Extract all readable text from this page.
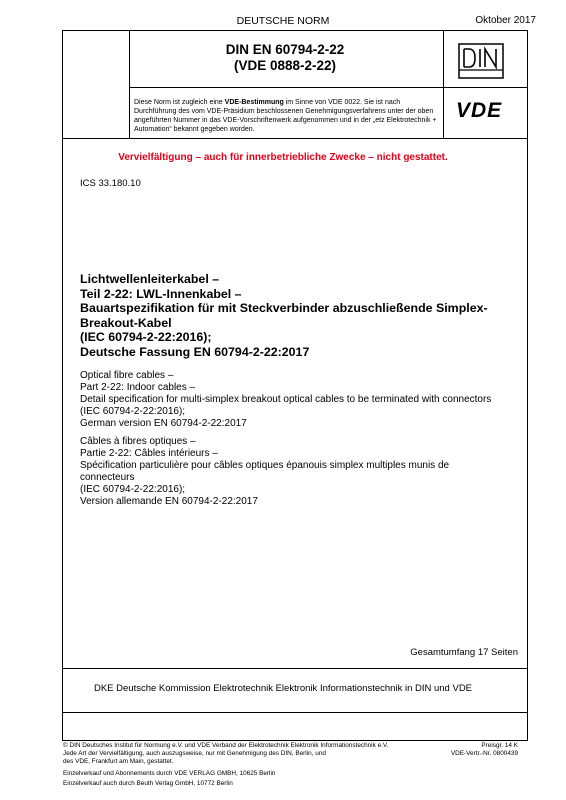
DEUTSCHE NORM	Oktober 2017
DIN EN 60794-2-22
(VDE 0888-2-22)
Diese Norm ist zugleich eine VDE-Bestimmung im Sinne von VDE 0022. Sie ist nach Durchführung des vom VDE-Präsidium beschlossenen Genehmigungsverfahrens unter der oben angeführten Nummer in das VDE-Vorschriftenwerk aufgenommen und in der „etz Elektrotechnik + Automation“ bekannt gegeben worden.
VDE
Vervielfältigung – auch für innerbetriebliche Zwecke – nicht gestattet.
ICS 33.180.10
Lichtwellenleiterkabel –
Teil 2-22: LWL-Innenkabel –
Bauartspezifikation für mit Steckverbinder abzuschließende Simplex-
Breakout-Kabel
(IEC 60794-2-22:2016);
Deutsche Fassung EN 60794-2-22:2017
Optical fibre cables –
Part 2-22: Indoor cables –
Detail specification for multi-simplex breakout optical cables to be terminated with connectors
(IEC 60794-2-22:2016);
German version EN 60794-2-22:2017
Câbles à fibres optiques –
Partie 2-22: Câbles intérieurs –
Spécification particulière pour câbles optiques épanouis simplex multiples munis de
connecteurs
(IEC 60794-2-22:2016);
Version allemande EN 60794-2-22:2017
Gesamtumfang 17 Seiten
DKE Deutsche Kommission Elektrotechnik Elektronik Informationstechnik in DIN und VDE
© DIN Deutsches Institut für Normung e.V. und VDE Verband der Elektrotechnik Elektronik Informationstechnik e.V.
Jede Art der Vervielfältigung, auch auszugsweise, nur mit Genehmigung des DIN, Berlin, und
des VDE, Frankfurt am Main, gestattet.
Preisgr. 14 K
VDE-Vertr.-Nr. 0800439
Einzelverkauf und Abonnements durch VDE VERLAG GMBH, 10625 Berlin
Einzelverkauf auch durch Beuth Verlag GmbH, 10772 Berlin
